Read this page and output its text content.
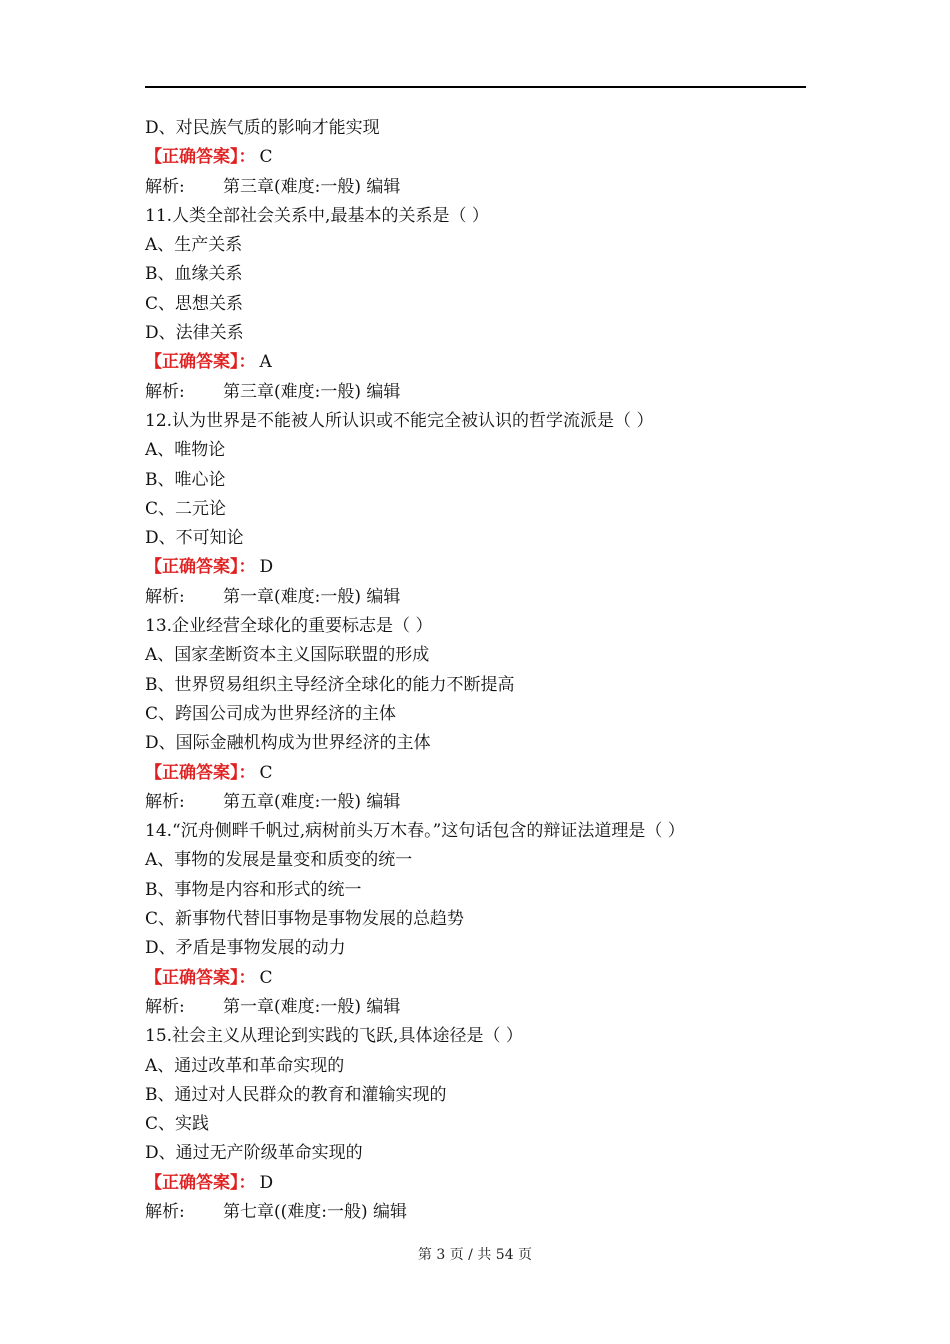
D、对民族气质的影响才能实现
【正确答案】： C
解析: 第三章(难度:一般) 编辑
11.人类全部社会关系中,最基本的关系是（ ）
A、生产关系
B、血缘关系
C、思想关系
D、法律关系
【正确答案】： A
解析: 第三章(难度:一般) 编辑
12.认为世界是不能被人所认识或不能完全被认识的哲学流派是（ ）
A、唯物论
B、唯心论
C、二元论
D、不可知论
【正确答案】： D
解析: 第一章(难度:一般) 编辑
13.企业经营全球化的重要标志是（ ）
A、国家垄断资本主义国际联盟的形成
B、世界贸易组织主导经济全球化的能力不断提高
C、跨国公司成为世界经济的主体
D、国际金融机构成为世界经济的主体
【正确答案】： C
解析: 第五章(难度:一般) 编辑
14.“沉舟侧畔千帆过,病树前头万木春。”这句话包含的辩证法道理是（ ）
A、事物的发展是量变和质变的统一
B、事物是内容和形式的统一
C、新事物代替旧事物是事物发展的总趋势
D、矛盾是事物发展的动力
【正确答案】： C
解析: 第一章(难度:一般) 编辑
15.社会主义从理论到实践的飞跃,具体途径是（ ）
A、通过改革和革命实现的
B、通过对人民群众的教育和灌输实现的
C、实践
D、通过无产阶级革命实现的
【正确答案】： D
解析: 第七章((难度:一般) 编辑
第 3 页 / 共 54 页
